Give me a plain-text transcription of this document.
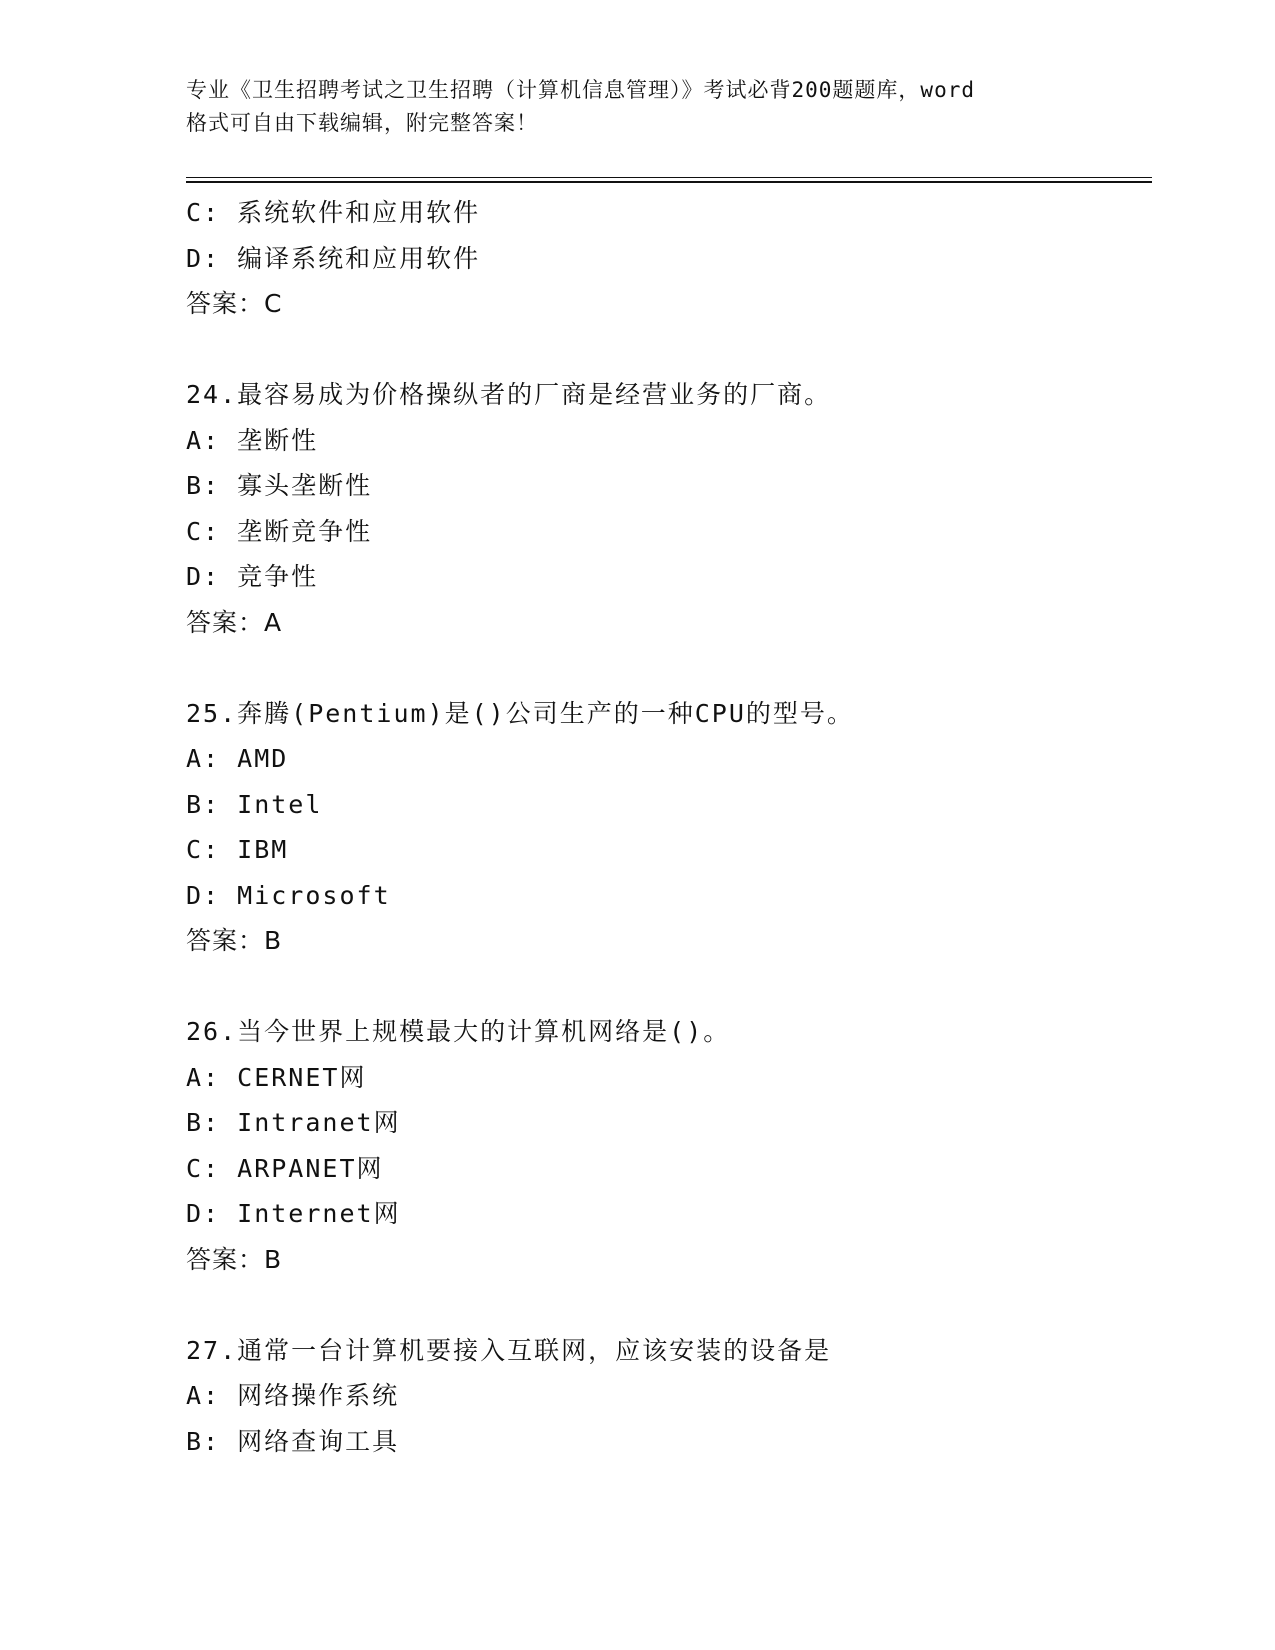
专业《卫生招聘考试之卫生招聘（计算机信息管理）》考试必背200题题库，word
格式可自由下载编辑，附完整答案！
C: 系统软件和应用软件
D: 编译系统和应用软件
答案：C
24.最容易成为价格操纵者的厂商是经营业务的厂商。
A: 垄断性
B: 寡头垄断性
C: 垄断竞争性
D: 竞争性
答案：A
25.奔腾(Pentium)是()公司生产的一种CPU的型号。
A: AMD
B: Intel
C: IBM
D: Microsoft
答案：B
26.当今世界上规模最大的计算机网络是()。
A: CERNET网
B: Intranet网
C: ARPANET网
D: Internet网
答案：B
27.通常一台计算机要接入互联网，应该安装的设备是
A: 网络操作系统
B: 网络查询工具
